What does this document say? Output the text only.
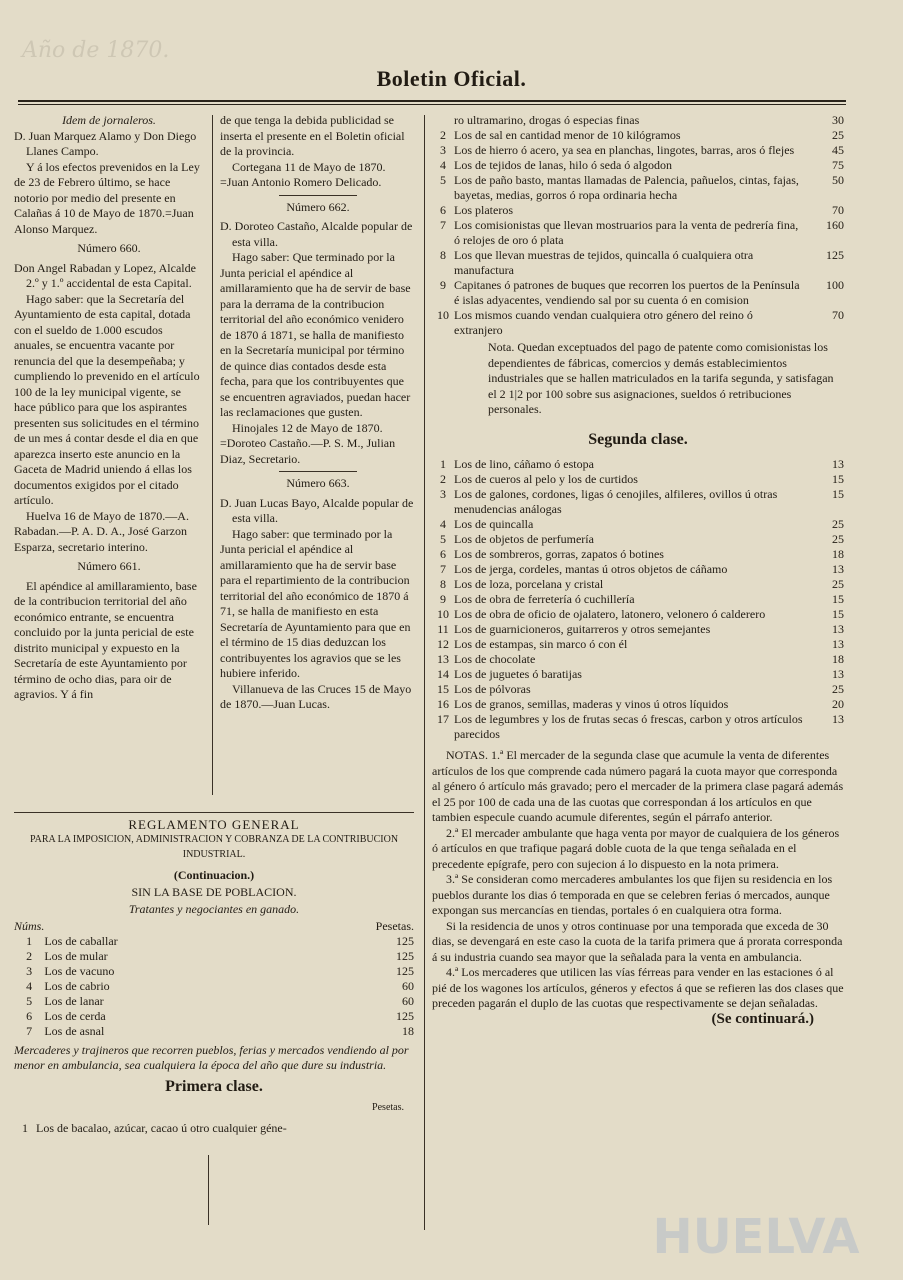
Año de 1870.
Boletin Oficial.

Idem de jornaleros.

D. Juan Marquez Alamo y Don Diego Llanes Campo.

Y á los efectos prevenidos en la Ley de 23 de Febrero último, se hace notorio por medio del presente en Calañas á 10 de Mayo de 1870.=Juan Alonso Marquez.

Número 660.

Don Angel Rabadan y Lopez, Alcalde 2.º y 1.º accidental de esta Capital.

Hago saber: que la Secretaría del Ayuntamiento de esta capital, dotada con el sueldo de 1.000 escudos anuales, se encuentra vacante por renuncia del que la desempeñaba; y cumpliendo lo prevenido en el artículo 100 de la ley municipal vigente, se hace público para que los aspirantes presenten sus solicitudes en el término de un mes á contar desde el dia en que aparezca inserto este anuncio en la Gaceta de Madrid uniendo á ellas los documentos exigidos por el citado artículo.

Huelva 16 de Mayo de 1870.—A. Rabadan.—P. A. D. A., José Garzon Esparza, secretario interino.

Número 661.

El apéndice al amillaramiento, base de la contribucion territorial del año económico entrante, se encuentra concluido por la junta pericial de este distrito municipal y expuesto en la Secretaría de este Ayuntamiento por término de ocho dias, para oir de agravios. Y á fin

de que tenga la debida publicidad se inserta el presente en el Boletin oficial de la provincia.

Cortegana 11 de Mayo de 1870. =Juan Antonio Romero Delicado.

Número 662.

D. Doroteo Castaño, Alcalde popular de esta villa.

Hago saber: Que terminado por la Junta pericial el apéndice al amillaramiento que ha de servir de base para la derrama de la contribucion territorial del año económico venidero de 1870 á 1871, se halla de manifiesto en la Secretaría municipal por término de quince dias contados desde esta fecha, para que los contribuyentes que se encuentren agraviados, puedan hacer las reclamaciones que gusten.

Hinojales 12 de Mayo de 1870. =Doroteo Castaño.—P. S. M., Julian Diaz, Secretario.

Número 663.

D. Juan Lucas Bayo, Alcalde popular de esta villa.

Hago saber: que terminado por la Junta pericial el apéndice al amillaramiento que ha de servir base para el repartimiento de la contribucion territorial del año económico de 1870 á 71, se halla de manifiesto en esta Secretaría de Ayuntamiento para que en el término de 15 dias deduzcan los contribuyentes los agravios que se les hubiere inferido.

Villanueva de las Cruces 15 de Mayo de 1870.—Juan Lucas.

REGLAMENTO GENERAL

PARA LA IMPOSICION, ADMINISTRACION Y COBRANZA DE LA CONTRIBUCION INDUSTRIAL.

(Continuacion.)

SIN LA BASE DE POBLACION.

Tratantes y negociantes en ganado.

Núms.		Pesetas.
1	Los de caballar	125
2	Los de mular	125
3	Los de vacuno	125
4	Los de cabrio	60
5	Los de lanar	60
6	Los de cerda	125
7	Los de asnal	18

Mercaderes y trajineros que recorren pueblos, ferias y mercados vendiendo al por menor en ambulancia, sea cualquiera la época del año que dure su industria.

Primera clase.

Pesetas.

1	Los de bacalao, azúcar, cacao ú otro cualquier géne-
	ro ultramarino, drogas ó especias finas	30
2	Los de sal en cantidad menor de 10 kilógramos	25
3	Los de hierro ó acero, ya sea en planchas, lingotes, barras, aros ó flejes	45
4	Los de tejidos de lanas, hilo ó seda ó algodon	75
5	Los de paño basto, mantas llamadas de Palencia, pañuelos, cintas, fajas, bayetas, medias, gorros ó ropa ordinaria hecha	50
6	Los plateros	70
7	Los comisionistas que llevan mostruarios para la venta de pedrería fina, ó relojes de oro ó plata	160
8	Los que llevan muestras de tejidos, quincalla ó cualquiera otra manufactura	125
9	Capitanes ó patrones de buques que recorren los puertos de la Península é islas adyacentes, vendiendo sal por su cuenta ó en comision	100
10	Los mismos cuando vendan cualquiera otro género del reino ó extranjero	70

Nota. Quedan exceptuados del pago de patente como comisionistas los dependientes de fábricas, comercios y demás establecimientos industriales que se hallen matriculados en la tarifa segunda, y satisfagan el 2 1|2 por 100 sobre sus asignaciones, sueldos ó retribuciones personales.

Segunda clase.

1	Los de lino, cáñamo ó estopa	13
2	Los de cueros al pelo y los de curtidos	15
3	Los de galones, cordones, ligas ó cenojiles, alfileres, ovillos ú otras menudencias análogas	15
4	Los de quincalla	25
5	Los de objetos de perfumería	25
6	Los de sombreros, gorras, zapatos ó botines	18
7	Los de jerga, cordeles, mantas ú otros objetos de cáñamo	13
8	Los de loza, porcelana y cristal	25
9	Los de obra de ferretería ó cuchillería	15
10	Los de obra de oficio de ojalatero, latonero, velonero ó calderero	15
11	Los de guarnicioneros, guitarreros y otros semejantes	13
12	Los de estampas, sin marco ó con él	13
13	Los de chocolate	18
14	Los de juguetes ó baratijas	13
15	Los de pólvoras	25
16	Los de granos, semillas, maderas y vinos ú otros líquidos	20
17	Los de legumbres y los de frutas secas ó frescas, carbon y otros artículos parecidos	13

NOTAS. 1.ª El mercader de la segunda clase que acumule la venta de diferentes artículos de los que comprende cada número pagará la cuota mayor que corresponda al género ó artículo más gravado; pero el mercader de la primera clase pagará además el 25 por 100 de cada una de las cuotas que correspondan á los artículos en que tambien especule cuando acumule diferentes, según el párrafo anterior.

2.ª El mercader ambulante que haga venta por mayor de cualquiera de los géneros ó artículos en que trafique pagará doble cuota de la que tenga señalada en el precedente epígrafe, pero con sujecion á lo dispuesto en la nota primera.

3.ª Se consideran como mercaderes ambulantes los que fijen su residencia en los pueblos durante los dias ó temporada en que se celebren ferias ó mercados, aunque expongan sus mercancías en tiendas, portales ó en cualquiera otra forma.

Si la residencia de unos y otros continuase por una temporada que exceda de 30 dias, se devengará en este caso la cuota de la tarifa primera que á prorata corresponda á su industria cuando sea mayor que la señalada para la venta en ambulancia.

4.ª Los mercaderes que utilicen las vías férreas para vender en las estaciones ó al pié de los wagones los artículos, géneros y efectos á que se refieren las dos clases que preceden pagarán el duplo de las cuotas que respectivamente se dejan señaladas.

(Se continuará.)

HUELVA
